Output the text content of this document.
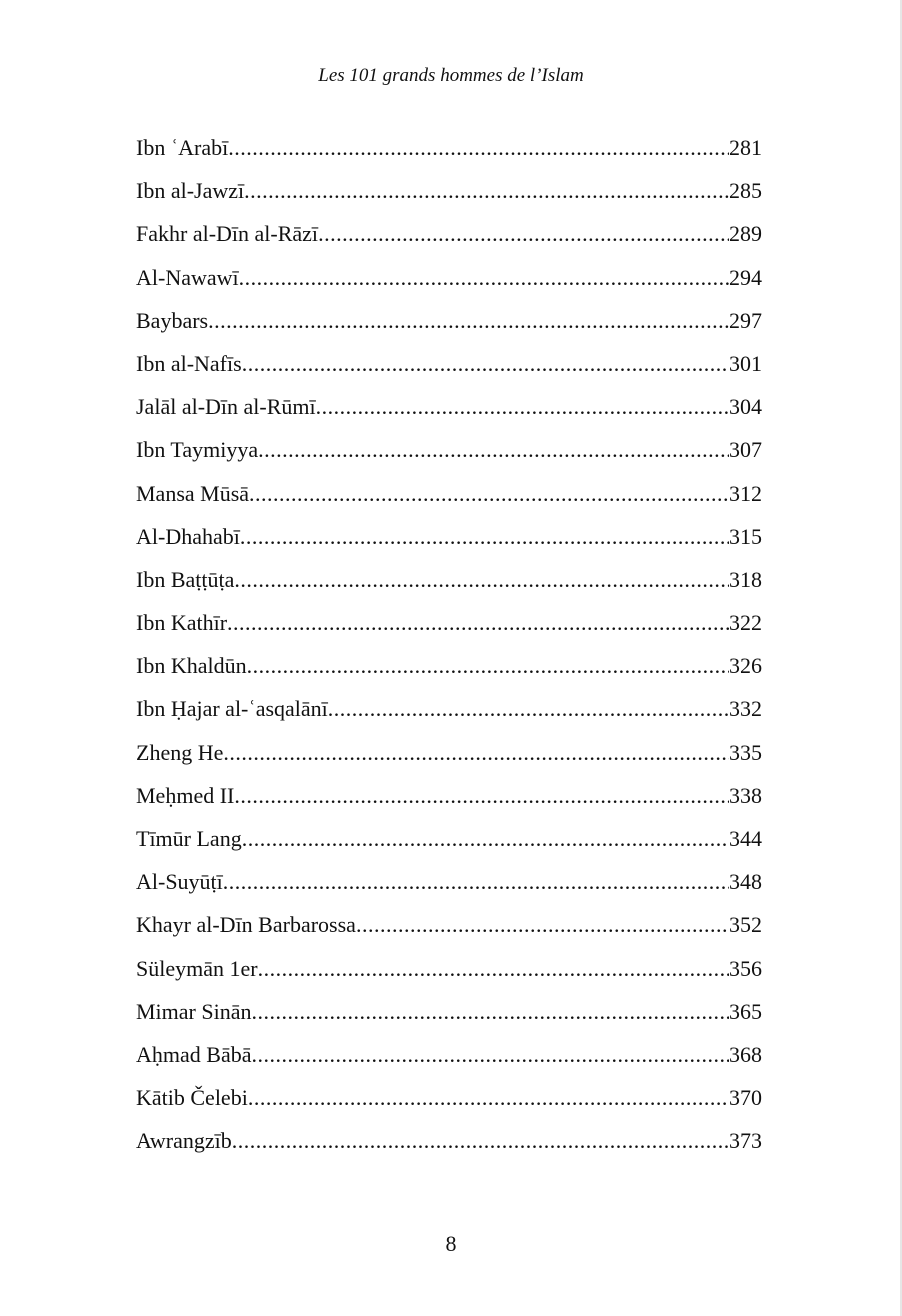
Les 101 grands hommes de l’Islam
Ibn ʿArabī .....	281
Ibn al-Jawzī .....	285
Fakhr al-Dīn al-Rāzī .....	289
Al-Nawawī .....	294
Baybars .....	297
Ibn al-Nafīs .....	301
Jalāl al-Dīn al-Rūmī .....	304
Ibn Taymiyya .....	307
Mansa Mūsā .....	312
Al-Dhahabī .....	315
Ibn Baṭṭūṭa .....	318
Ibn Kathīr .....	322
Ibn Khaldūn .....	326
Ibn Ḥajar al-ʿasqalānī .....	332
Zheng He .....	335
Meḥmed II .....	338
Tīmūr Lang .....	344
Al-Suyūṭī .....	348
Khayr al-Dīn Barbarossa .....	352
Süleymān 1er .....	356
Mimar Sinān .....	365
Aḥmad Bābā .....	368
Kātib Čelebi .....	370
Awrangzīb .....	373
8
